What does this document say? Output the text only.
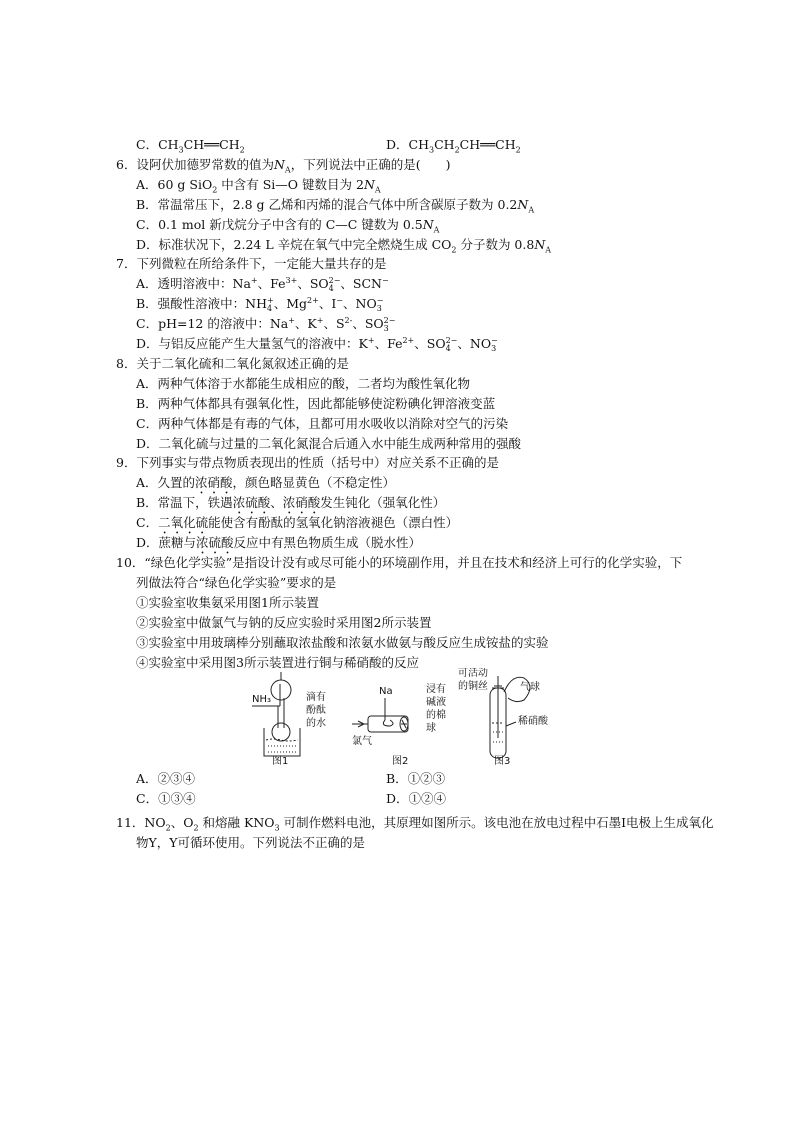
C．$CH_3CH══CH_2$	D．$CH_3CH_2CH══CH_2$
6．设阿伏加德罗常数的值为$N_A$，下列说法中正确的是(　　)
A．60 g SiO$_2$ 中含有 Si—O 键数目为 $2N_A$
B．常温常压下，2.8 g 乙烯和丙烯的混合气体中所含碳原子数为 $0.2N_A$
C．0.1 mol 新戊烷分子中含有的 C—C 键数为 $0.5N_A$
D．标准状况下，2.24 L 辛烷在氧气中完全燃烧生成 $CO_2$ 分子数为 $0.8N_A$
7．下列微粒在所给条件下，一定能大量共存的是
A．透明溶液中：Na+、$Fe^{3+}$、SO 2−
4 、SCN−
B．强酸性溶液中：NH +
4 、$Mg^{2+}$、I−、NO −
3
C．pH=12 的溶液中：Na+、K+、$S^{2-}$、SO 2−
3
D．与铝反应能产生大量氢气的溶液中：K+、$Fe^{2+}$、SO 2−
4 、NO −
3
8．关于二氧化硫和二氧化氮叙述正确的是
A．两种气体溶于水都能生成相应的酸，二者均为酸性氧化物
B．两种气体都具有强氧化性，因此都能够使淀粉碘化钾溶液变蓝
C．两种气体都是有毒的气体，且都可用水吸收以消除对空气的污染
D．二氧化硫与过量的二氧化氮混合后通入水中能生成两种常用的强酸
9．下列事实与带点物质表现出的性质（括号中）对应关系不正确的是
A．久置的浓硝酸，颜色略显黄色（不稳定性）
B．常温下，铁遇浓硫酸、浓硝酸发生钝化（强氧化性）
C．二氧化硫能使含有酚酞的氢氧化钠溶液褪色（漂白性）
D．蔗糖与浓硫酸反应中有黑色物质生成（脱水性）
10．“绿色化学实验”是指设计没有或尽可能小的环境副作用，并且在技术和经济上可行的化学实验，下
列做法符合“绿色化学实验”要求的是
①实验室收集氨采用图1所示装置
②实验室中做氯气与钠的反应实验时采用图2所示装置
③实验室中用玻璃棒分别蘸取浓盐酸和浓氨水做氨与酸反应生成铵盐的实验
④实验室中采用图3所示装置进行铜与稀硝酸的反应
NH₃	滴有
酚酞
的水
图1
Na
氯气
浸有
碱液
的棉
球
图2
可活动
的铜丝	气球
稀硝酸
图3
A．②③④	B．①②③
C．①③④	D．①②④
11．$NO_2$、$O_2$ 和熔融 $KNO_3$ 可制作燃料电池，其原理如图所示。该电池在放电过程中石墨Ⅰ电极上生成氧化
物Y，Y可循环使用。下列说法不正确的是
